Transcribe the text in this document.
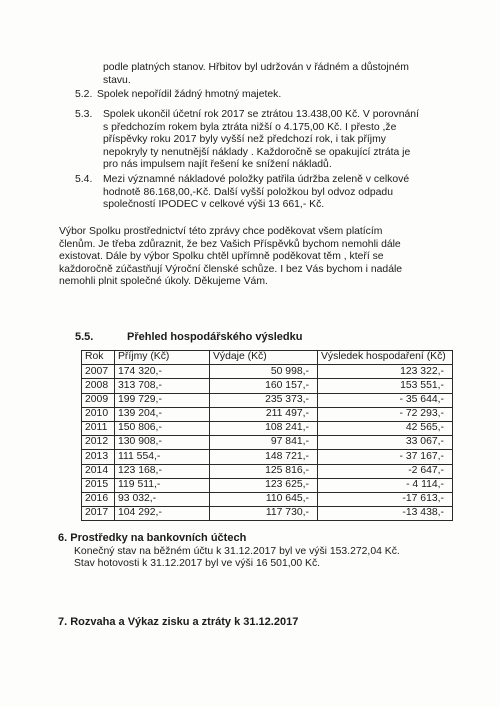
podle platných stanov. Hřbitov byl udržován v řádném a důstojném
stavu.
5.2. Spolek nepořídil žádný hmotný majetek.
5.3. Spolek ukončil účetní rok 2017 se ztrátou 13.438,00 Kč. V porovnání
s předchozím rokem byla ztráta nižší o 4.175,00 Kč. I přesto ,že
příspěvky roku 2017 byly vyšší než předchozí rok, i tak příjmy
nepokryly ty nenutnější náklady . Každoročně se opakující ztráta je
pro nás impulsem najít řešení ke snížení nákladů.
5.4. Mezi významné nákladové položky patřila údržba zeleně v celkové
hodnotě 86.168,00,-Kč. Další vyšší položkou byl odvoz odpadu
společností IPODEC v celkové výši 13 661,- Kč.
Výbor Spolku prostřednictví této zprávy chce poděkovat všem platícím
členům. Je třeba zdůraznit, že bez Vašich Příspěvků bychom nemohli dále
existovat. Dále by výbor Spolku chtěl upřímně poděkovat těm , kteří se
každoročně zúčastňují Výroční členské schůze. I bez Vás bychom i nadále
nemohli plnit společné úkoly. Děkujeme Vám.
5.5.	Přehled hospodářského výsledku
Rok	Příjmy (Kč)	Výdaje (Kč)	Výsledek hospodaření (Kč)
2007	174 320,-	50 998,-	123 322,-
2008	313 708,-	160 157,-	153 551,-
2009	199 729,-	235 373,-	- 35 644,-
2010	139 204,-	211 497,-	- 72 293,-
2011	150 806,-	108 241,-	42 565,-
2012	130 908,-	97 841,-	33 067,-
2013	111 554,-	148 721,-	- 37 167,-
2014	123 168,-	125 816,-	-2 647,-
2015	119 511,-	123 625,-	- 4 114,-
2016	93 032,-	110 645,-	-17 613,-
2017	104 292,-	117 730,-	-13 438,-
6. Prostředky na bankovních účtech
Konečný stav na běžném účtu k 31.12.2017 byl ve výši 153.272,04 Kč.
Stav hotovosti k 31.12.2017 byl ve výši 16 501,00 Kč.
7. Rozvaha a Výkaz zisku a ztráty k 31.12.2017
